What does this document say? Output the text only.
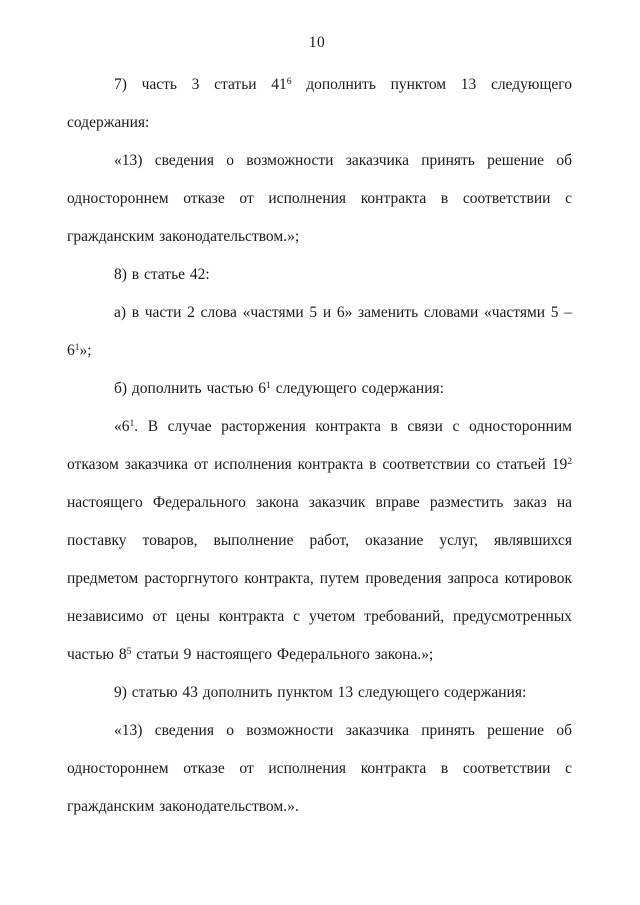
10

7) часть 3 статьи $41^6$ дополнить пунктом 13 следующего содержания:

«13) сведения о возможности заказчика принять решение об одностороннем отказе от исполнения контракта в соответствии с гражданским законодательством.»;

8) в статье 42:

а) в части 2 слова «частями 5 и 6» заменить словами «частями $5 - 6^1$»;

б) дополнить частью $6^1$ следующего содержания:

«$6^1$. В случае расторжения контракта в связи с односторонним отказом заказчика от исполнения контракта в соответствии со статьей $19^2$ настоящего Федерального закона заказчик вправе разместить заказ на поставку товаров, выполнение работ, оказание услуг, являвшихся предметом расторгнутого контракта, путем проведения запроса котировок независимо от цены контракта с учетом требований, предусмотренных частью $8^5$ статьи 9 настоящего Федерального закона.»;

9) статью 43 дополнить пунктом 13 следующего содержания:

«13) сведения о возможности заказчика принять решение об одностороннем отказе от исполнения контракта в соответствии с гражданским законодательством.».
